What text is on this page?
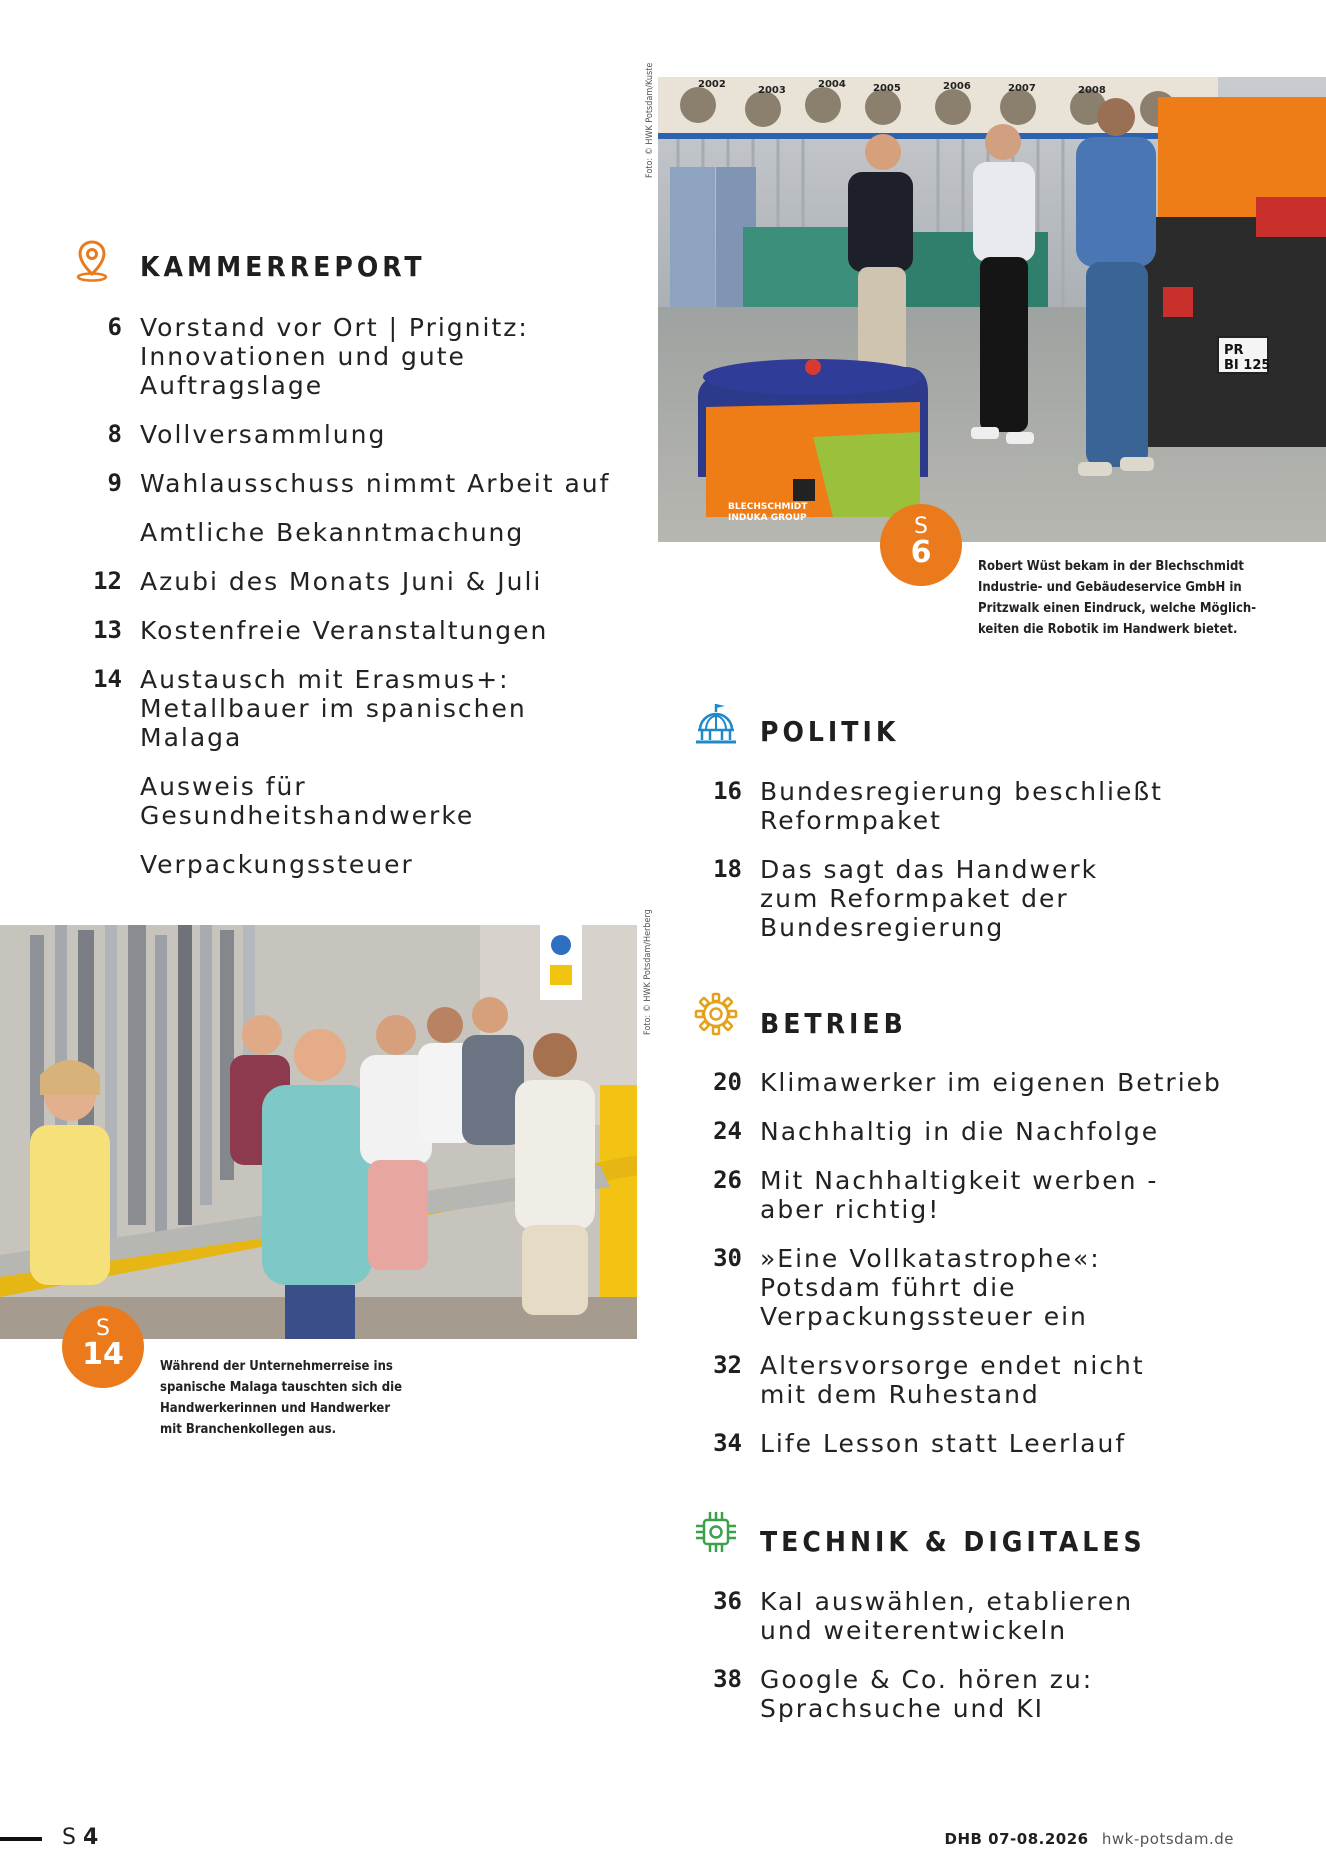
KAMMERREPORT
6 Vorstand vor Ort | Prignitz:
Innovationen und gute
Auftragslage
8 Vollversammlung
9 Wahlausschuss nimmt Arbeit auf
Amtliche Bekanntmachung
12 Azubi des Monats Juni & Juli
13 Kostenfreie Veranstaltungen
14 Austausch mit Erasmus+:
Metallbauer im spanischen
Malaga
Ausweis für
Gesundheitshandwerke
Verpackungssteuer
POLITIK
16 Bundesregierung beschließt
Reformpaket
18 Das sagt das Handwerk
zum Reformpaket der
Bundesregierung
BETRIEB
20 Klimawerker im eigenen Betrieb
24 Nachhaltig in die Nachfolge
26 Mit Nachhaltigkeit werben -
aber richtig!
30 »Eine Vollkatastrophe«:
Potsdam führt die
Verpackungssteuer ein
32 Altersvorsorge endet nicht
mit dem Ruhestand
34 Life Lesson statt Leerlauf
TECHNIK & DIGITALES
36 KaI auswählen, etablieren
und weiterentwickeln
38 Google & Co. hören zu:
Sprachsuche und KI
Foto: © HWK Potsdam/Kuste	2002
2003
2004	2005	2006	2007	2008
PR
BI 125
BLECHSCHMIDT
INDUKA GROUP	S
6	Robert Wüst bekam in der Blechschmidt
Industrie- und Gebäudeservice GmbH in
Pritzwalk einen Eindruck, welche Möglich-
keiten die Robotik im Handwerk bietet.
Foto: © HWK Potsdam/Herberg
S
14	Während der Unternehmerreise ins
spanische Malaga tauschten sich die
Handwerkerinnen und Handwerker
mit Branchenkollegen aus.
S 4	DHB 07-08.2026 hwk-potsdam.de
